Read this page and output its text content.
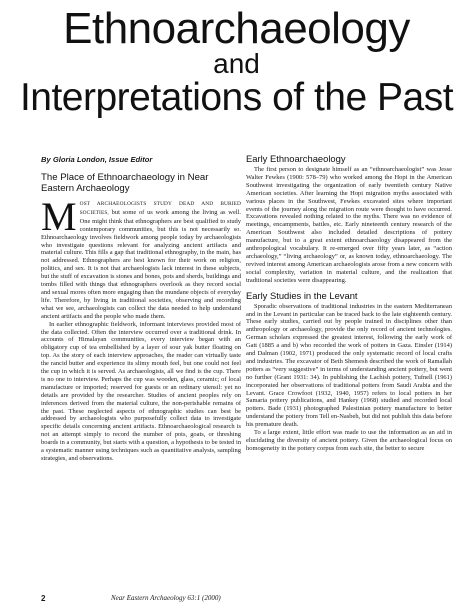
Ethnoarchaeology
and
Interpretations of the Past
By Gloria London, Issue Editor
The Place of Ethnoarchaeology in Near Eastern Archaeology

MOST ARCHAEOLOGISTS STUDY DEAD AND BURIED SOCIETIES, but some of us work among the living as well. One might think that ethnographers are best qualified to study contemporary communities, but this is not necessarily so. Ethnoarchaeology involves fieldwork among people today by archaeologists who investigate questions relevant for analyzing ancient artifacts and material culture. This fills a gap that traditional ethnography, in the main, has not addressed. Ethnographers are best known for their work on religion, politics, and sex. It is not that archaeologists lack interest in these subjects, but the stuff of excavation is stones and bones, pots and sherds, buildings and tombs filled with things that ethnographers overlook as they record social and sexual mores often more engaging than the mundane objects of everyday life. Therefore, by living in traditional societies, observing and recording what we see, archaeologists can collect the data needed to help understand ancient artifacts and the people who made them.

In earlier ethnographic fieldwork, informant interviews provided most of the data collected. Often the interview occurred over a traditional drink. In accounts of Himalayan communities, every interview began with an obligatory cup of tea embellished by a layer of sour yak butter floating on top. As the story of each interview approaches, the reader can virtually taste the rancid butter and experience its slimy mouth feel, but one could not feel the cup in which it is served. As archaeologists, all we find is the cup. There is no one to interview. Perhaps the cup was wooden, glass, ceramic; of local manufacture or imported; reserved for guests or an ordinary utensil: yet no details are provided by the researcher. Studies of ancient peoples rely on inferences derived from the material culture, the non-perishable remains of the past. These neglected aspects of ethnographic studies can best be addressed by archaeologists who purposefully collect data to investigate specific details concerning ancient artifacts. Ethnoarchaeological research is not an attempt simply to record the number of pots, goats, or threshing boards in a community, but starts with a question, a hypothesis to be tested in a systematic manner using techniques such as quantitative analysis, sampling strategies, and observations.

Early Ethnoarchaeology

The first person to designate himself as an “ethnoarchaeologist” was Jesse Walter Fewkes (1900: 578–79) who worked among the Hopi in the American Southwest investigating the organization of early twentieth century Native American societies. After learning the Hopi migration myths associated with various places in the Southwest, Fewkes excavated sites where important events of the journey along the migration route were thought to have occurred. Excavations revealed nothing related to the myths. There was no evidence of meetings, encampments, battles, etc. Early nineteenth century research of the American Southwest also included detailed descriptions of pottery manufacture, but to a great extent ethnoarchaeology disappeared from the anthropological vocabulary. It re-emerged over fifty years later, as “action archaeology,” “living archaeology” or, as known today, ethnoarchaeology. The revived interest among American archaeologists arose from a new concern with social complexity, variation in material culture, and the realization that traditional societies were disappearing.

Early Studies in the Levant

Sporadic observations of traditional industries in the eastern Mediterranean and in the Levant in particular can be traced back to the late eighteenth century. These early studies, carried out by people trained in disciplines other than anthropology or archaeology, provide the only record of ancient technologies. German scholars expressed the greatest interest, following the early work of Gatt (1885 a and b) who recorded the work of potters in Gaza. Einsler (1914) and Dalman (1902, 1971) produced the only systematic record of local crafts and industries. The excavator of Beth Shemesh described the work of Ramallah potters as “very suggestive” in terms of understanding ancient pottery, but went no further (Grant 1931: 34). In publishing the Lachish pottery, Tufnell (1961) incorporated her observations of traditional potters from Saudi Arabia and the Levant. Grace Crowfoot (1932, 1940, 1957) refers to local potters in her Samaria pottery publications, and Hankey (1968) studied and recorded local potters. Bade (1931) photographed Palestinian pottery manufacture to better understand the pottery from Tell en-Nasbeh, but did not publish this data before his premature death.

To a large extent, little effort was made to use the information as an aid in elucidating the diversity of ancient pottery. Given the archaeological focus on homogeneity in the pottery corpus from each site, the better to secure

2	Near Eastern Archaeology 63:1 (2000)
